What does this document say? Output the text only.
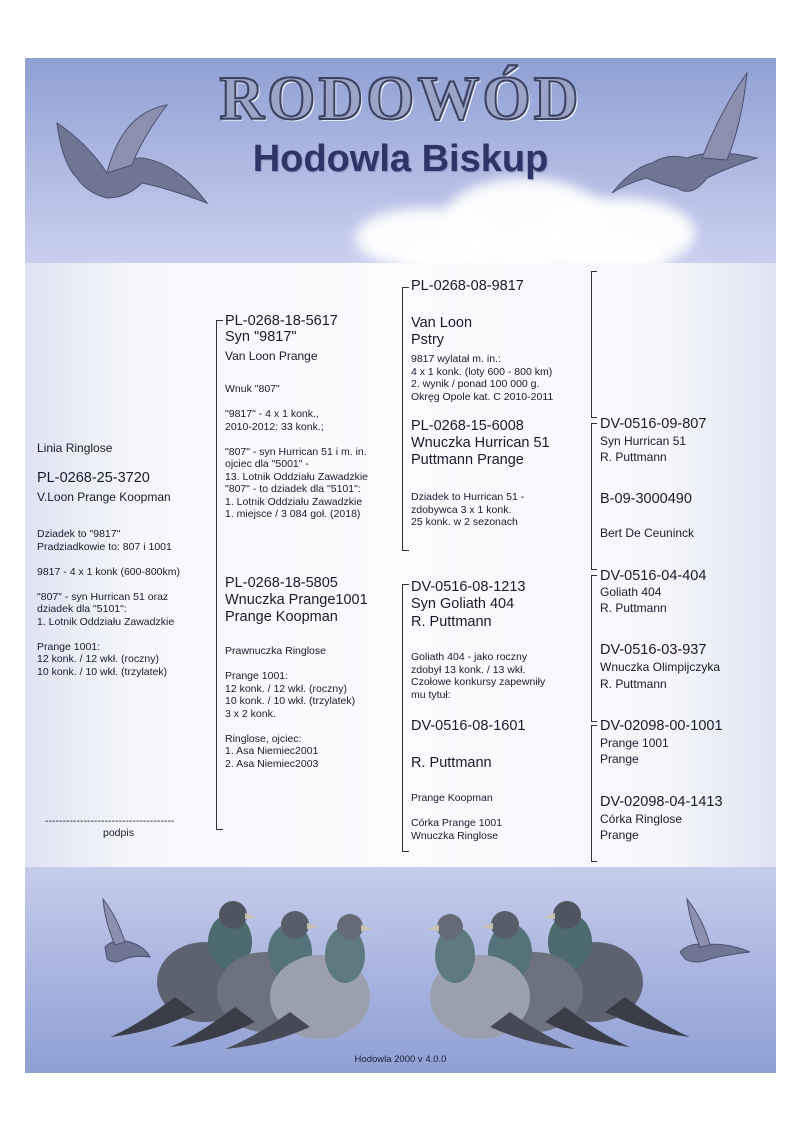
RODOWÓD
Hodowla Biskup
Linia Ringlose
PL-0268-25-3720
V.Loon Prange Koopman
Dziadek to "9817"
Pradziadkowie to: 807 i 1001
9817 - 4 x 1 konk (600-800km)
"807" - syn Hurrican 51 oraz
dziadek dla "5101":
1. Lotnik Oddziału Zawadzkie
Prange 1001:
12 konk. / 12 wkł. (roczny)
10 konk. / 10 wkł. (trzylatek)
-------------------------------------
podpis
PL-0268-18-5617
Syn "9817"
Van Loon Prange
Wnuk "807"
"9817" - 4 x 1 konk.,
2010-2012: 33 konk.;
"807" - syn Hurrican 51 i m. in.
ojciec dla "5001" -
13. Lotnik Oddziału Zawadzkie
"807" - to dziadek dla "5101":
1. Lotnik Oddziału Zawadzkie
1. miejsce / 3 084 goł. (2018)
PL-0268-18-5805
Wnuczka Prange1001
Prange Koopman
Prawnuczka Ringlose
Prange 1001:
12 konk. / 12 wkł. (roczny)
10 konk. / 10 wkł. (trzylatek)
3 x 2 konk.
Ringlose, ojciec:
1. Asa Niemiec2001
2. Asa Niemiec2003
PL-0268-08-9817
Van Loon
Pstry
9817 wylatał m. in.:
4 x 1 konk. (loty 600 - 800 km)
2. wynik / ponad 100 000 g.
Okręg Opole kat. C 2010-2011
PL-0268-15-6008
Wnuczka Hurrican 51
Puttmann Prange
Dziadek to Hurrican 51 -
zdobywca 3 x 1 konk.
25 konk. w 2 sezonach
DV-0516-08-1213
Syn Goliath 404
R. Puttmann
Goliath 404 - jako roczny
zdobył 13 konk. / 13 wkł.
Czołowe konkursy zapewniły
mu tytuł:
DV-0516-08-1601
R. Puttmann
Prange Koopman
Córka Prange 1001
Wnuczka Ringlose
DV-0516-09-807
Syn Hurrican 51
R. Puttmann
B-09-3000490
Bert De Ceuninck
DV-0516-04-404
Goliath 404
R. Puttmann
DV-0516-03-937
Wnuczka Olimpijczyka
R. Puttmann
DV-02098-00-1001
Prange 1001
Prange
DV-02098-04-1413
Córka Ringlose
Prange
Hodowla 2000 v 4.0.0
